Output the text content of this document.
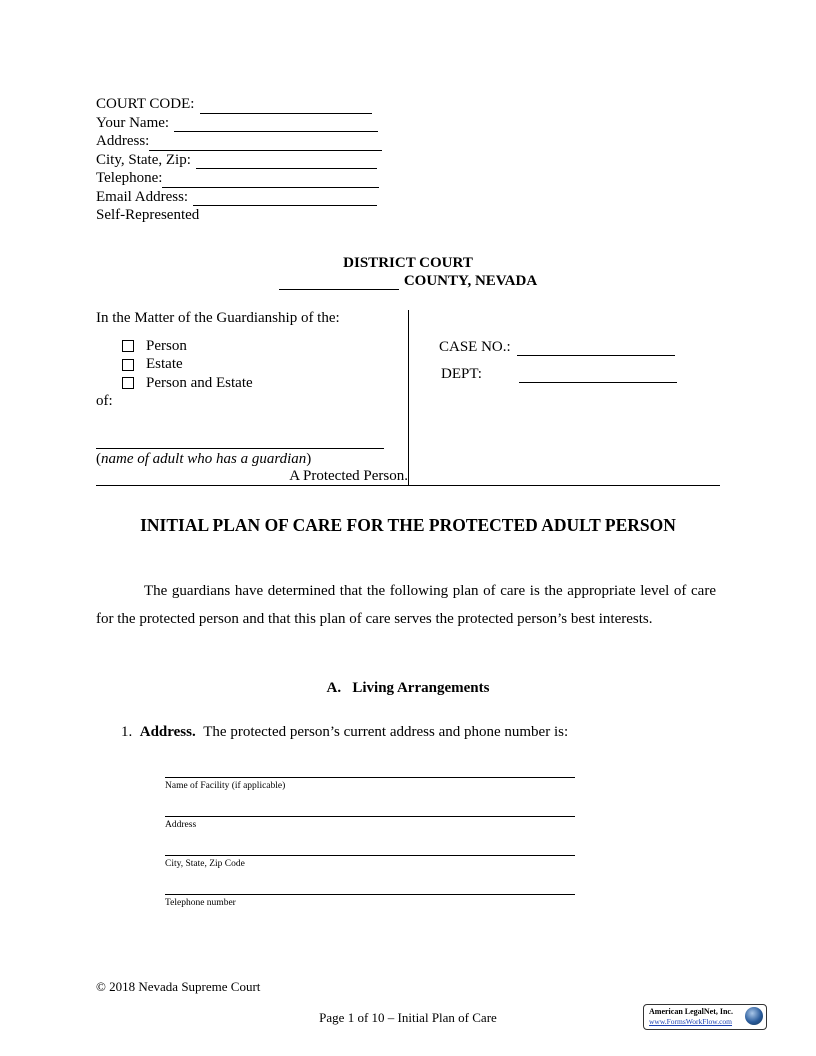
COURT CODE:
Your Name:
Address:
City, State, Zip:
Telephone:
Email Address:
Self-Represented
DISTRICT COURT
COUNTY, NEVADA
In the Matter of the Guardianship of the:
Person
Estate
Person and Estate
of:
(name of adult who has a guardian)
A Protected Person.
CASE NO.:
DEPT:
INITIAL PLAN OF CARE FOR THE PROTECTED ADULT PERSON
The guardians have determined that the following plan of care is the appropriate level of care for the protected person and that this plan of care serves the protected person’s best interests.
A. Living Arrangements
1. Address. The protected person’s current address and phone number is:
Name of Facility (if applicable)
Address
City, State, Zip Code
Telephone number
© 2018 Nevada Supreme Court
Page 1 of 10 – Initial Plan of Care	American LegalNet, Inc.
www.FormsWorkFlow.com
